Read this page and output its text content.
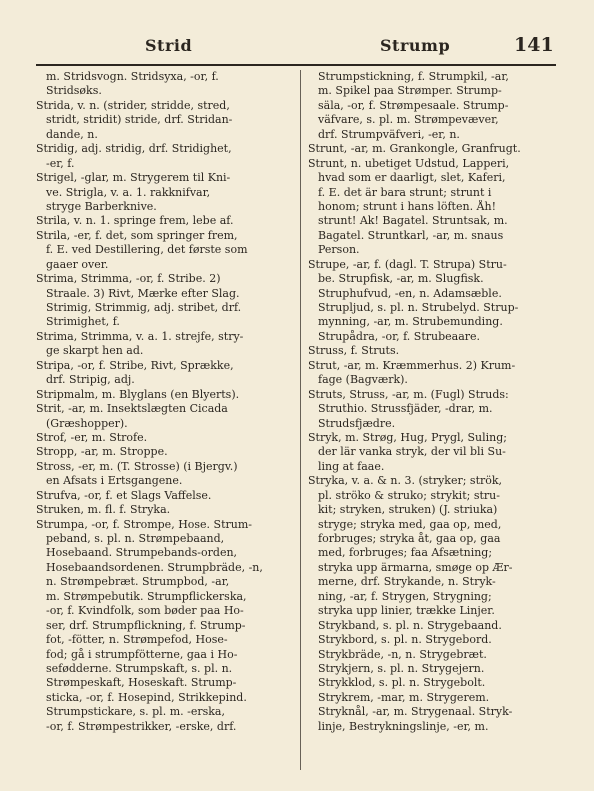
Strid	Strump	141
m. Stridsvogn. Stridsyxa, -or, f.
Stridsøks.
Strida, v. n. (strider, stridde, stred,
stridt, stridit) stride, drf. Stridan-
dande, n.
Stridig, adj. stridig, drf. Stridighet,
-er, f.
Strigel, -glar, m. Strygerem til Kni-
ve. Strigla, v. a. 1. rakknifvar,
stryge Barberknive.
Strila, v. n. 1. springe frem, lebe af.
Strila, -er, f. det, som springer frem,
f. E. ved Destillering, det første som
gaaer over.
Strima, Strimma, -or, f. Stribe. 2)
Straale. 3) Rivt, Mærke efter Slag.
Strimig, Strimmig, adj. stribet, drf.
Strimighet, f.
Strima, Strimma, v. a. 1. strejfe, stry-
ge skarpt hen ad.
Stripa, -or, f. Stribe, Rivt, Sprække,
drf. Stripig, adj.
Stripmalm, m. Blyglans (en Blyerts).
Strit, -ar, m. Insektslægten Cicada
(Græshopper).
Strof, -er, m. Strofe.
Stropp, -ar, m. Stroppe.
Stross, -er, m. (T. Strosse) (i Bjergv.)
en Afsats i Ertsgangene.
Strufva, -or, f. et Slags Vaffelse.
Struken, m. fl. f. Stryka.
Strumpa, -or, f. Strompe, Hose. Strum-
peband, s. pl. n. Strømpebaand,
Hosebaand. Strumpebands-orden,
Hosebaandsordenen. Strumpbräde, -n,
n. Strømpebræt. Strumpbod, -ar,
m. Strømpebutik. Strumpflickerska,
-or, f. Kvindfolk, som bøder paa Ho-
ser, drf. Strumpflickning, f. Strump-
fot, -fötter, n. Strømpefod, Hose-
fod; gå i strumpfötterne, gaa i Ho-
sefødderne. Strumpskaft, s. pl. n.
Strømpeskaft, Hoseskaft. Strump-
sticka, -or, f. Hosepind, Strikkepind.
Strumpstickare, s. pl. m. -erska,
-or, f. Strømpestrikker, -erske, drf.
Strumpstickning, f. Strumpkil, -ar,
m. Spikel paa Strømper. Strump-
säla, -or, f. Strømpesaale. Strump-
väfvare, s. pl. m. Strømpevæver,
drf. Strumpväfveri, -er, n.
Strunt, -ar, m. Grankongle, Granfrugt.
Strunt, n. ubetiget Udstud, Lapperi,
hvad som er daarligt, slet, Kaferi,
f. E. det är bara strunt; strunt i
honom; strunt i hans löften. Åh!
strunt! Ak! Bagatel. Struntsak, m.
Bagatel. Struntkarl, -ar, m. snaus
Person.
Strupe, -ar, f. (dagl. T. Strupa) Stru-
be. Strupfisk, -ar, m. Slugfisk.
Struphufvud, -en, n. Adamsæble.
Strupljud, s. pl. n. Strubelyd. Strup-
mynning, -ar, m. Strubemunding.
Strupådra, -or, f. Strubeaare.
Struss, f. Struts.
Strut, -ar, m. Kræmmerhus. 2) Krum-
fage (Bagværk).
Struts, Struss, -ar, m. (Fugl) Struds:
Struthio. Strussfjäder, -drar, m.
Strudsfjædre.
Stryk, m. Strøg, Hug, Prygl, Suling;
der lär vanka stryk, der vil bli Su-
ling at faae.
Stryka, v. a. & n. 3. (stryker; strök,
pl. ströko & struko; strykit; stru-
kit; stryken, struken) (J. striuka)
stryge; stryka med, gaa op, med,
forbruges; stryka åt, gaa op, gaa
med, forbruges; faa Afsætning;
stryka upp ärmarna, smøge op Ær-
merne, drf. Strykande, n. Stryk-
ning, -ar, f. Strygen, Strygning;
stryka upp linier, trække Linjer.
Strykband, s. pl. n. Strygebaand.
Strykbord, s. pl. n. Strygebord.
Strykbräde, -n, n. Strygebræt.
Strykjern, s. pl. n. Strygejern.
Strykklod, s. pl. n. Strygebolt.
Strykrem, -mar, m. Strygerem.
Stryknål, -ar, m. Strygenaal. Stryk-
linje, Bestrykningslinje, -er, m.
